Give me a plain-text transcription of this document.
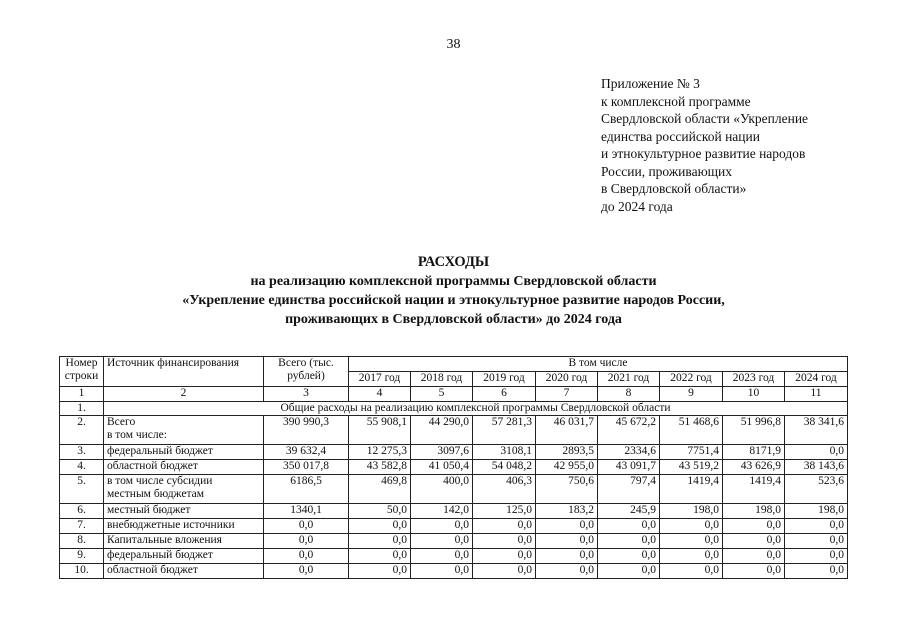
38
Приложение № 3
к комплексной программе
Свердловской области «Укрепление
единства российской нации
и этнокультурное развитие народов
России, проживающих
в Свердловской области»
до 2024 года
РАСХОДЫ
на реализацию комплексной программы Свердловской области
«Укрепление единства российской нации и этнокультурное развитие народов России,
проживающих в Свердловской области» до 2024 года
Номер строки	Источник финансирования	Всего (тыс. рублей)	В том числе							
			2017 год	2018 год	2019 год	2020 год	2021 год	2022 год	2023 год	2024 год
1	2	3	4	5	6	7	8	9	10	11
1.	Общие расходы на реализацию комплексной программы Свердловской области									
2.	Всего
в том числе:	390 990,3	55 908,1	44 290,0	57 281,3	46 031,7	45 672,2	51 468,6	51 996,8	38 341,6
3.	федеральный бюджет	39 632,4	12 275,3	3097,6	3108,1	2893,5	2334,6	7751,4	8171,9	0,0
4.	областной бюджет	350 017,8	43 582,8	41 050,4	54 048,2	42 955,0	43 091,7	43 519,2	43 626,9	38 143,6
5.	в том числе субсидии
местным бюджетам	6186,5	469,8	400,0	406,3	750,6	797,4	1419,4	1419,4	523,6
6.	местный бюджет	1340,1	50,0	142,0	125,0	183,2	245,9	198,0	198,0	198,0
7.	внебюджетные источники	0,0	0,0	0,0	0,0	0,0	0,0	0,0	0,0	0,0
8.	Капитальные вложения	0,0	0,0	0,0	0,0	0,0	0,0	0,0	0,0	0,0
9.	федеральный бюджет	0,0	0,0	0,0	0,0	0,0	0,0	0,0	0,0	0,0
10.	областной бюджет	0,0	0,0	0,0	0,0	0,0	0,0	0,0	0,0	0,0
